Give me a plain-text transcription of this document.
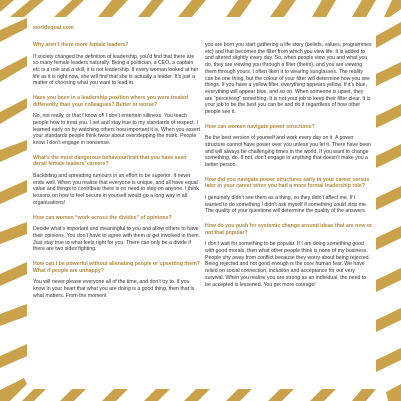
worldequal.com
Why aren’t there more female leaders?

If society changed the definition of leadership, you’d find that there are so many female leaders naturally. Being a politician, a CEO, a captain etc is a role and a skill, it is not leadership. If every woman looked at her life as it is right now, she will find that she is actually a leader. It’s just a matter of choosing what you want to lead in.

Have you been in a leadership position where you were treated differently than your colleagues? Better or worse?

No, not really, or that I know of! I don’t entertain silliness. You teach people how to treat you. I set and stay true to my standards of respect. I learned early on by watching others how important it is. When you assert your standards people think twice about overstepping the mark. People know I don’t engage in nonsense.

What’s the most dangerous behaviour/trait that you have seen derail female leaders’ careers?

Backbiting and spreading rumours in an effort to be superior. It never ends well. When you realise that everyone is unique, and all have equal value and things to contribute there is no need to step on anyone. I think lessons on how to feel secure in yourself would go a long way in all organisations!

How can women “work across the divides” of opinions?

Decide what’s important and meaningful to you and allow others to have their opinions. You don’t have to agree with them or get involved in them. Just stay true to what feels right for you. There can only be a divide if there are two sides fighting.

How can I be powerful without alienating people or upsetting them? What if people are unhappy?

You will never please everyone all of the time, and don’t try to. If you know in your heart that what you are doing is a good thing, then that is what matters. From the moment

you are born you start gathering a life story (beliefs, values, programmes etc) and that becomes the filter from which you view life. It is added to and altered slightly every day. So, when people view you and what you do, they are viewing you through a filter (theirs), and you are viewing them through yours. I often liken it to wearing sunglasses. The reality can be one thing, but the colour of your filter will determine how you see things. If you have a yellow filter, everything appears yellow. If it’s blue, everything will appear blue, and so on. When someone is upset, they are “perceiving” something. It is not your job to keep their filter clear. It is your job to be the best you can be and do it regardless of how other people see it.

How can women navigate power structures?

Be the best version of yourself and work every day on it. A power structure cannot have power over you unless you let it. There have been and will always be challenging times in the world. If you want to change something, do. If not, don’t engage in anything that doesn’t make you a better person.

How did you navigate power structures early in your career versus later in your career when you had a more formal leadership role?

I genuinely didn’t see them as a thing, so they didn’t affect me. If I wanted to do something I didn’t ask myself if something could stop me. The quality of your questions will determine the quality of the answers.

How do you push for systemic change around ideas that are new or not that popular?

I don’t wait for something to be popular. If I am doing something good with good morals, then what other people think is none of my business. People shy away from conflict because they worry about being rejected. Being rejected and not good enough is the core human fear. We have relied on social connection, inclusion and acceptance for our very survival. When you realise you are strong as an individual, the need to be accepted is lessened. You get more courage!
